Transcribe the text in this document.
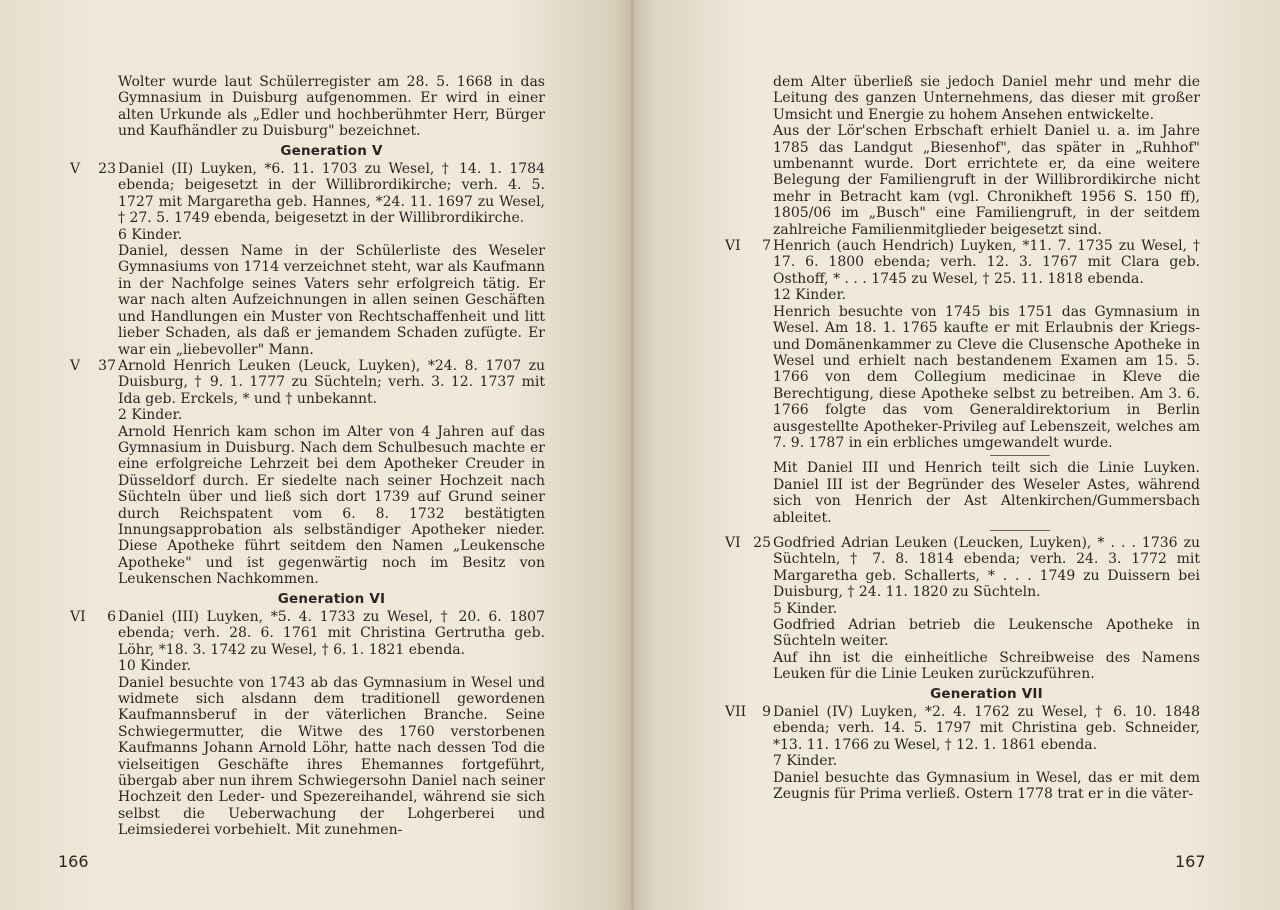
Wolter wurde laut Schülerregister am 28. 5. 1668 in das Gymnasium in Duisburg aufgenommen. Er wird in einer alten Urkunde als „Edler und hochberühmter Herr, Bürger und Kaufhändler zu Duisburg" bezeichnet.

Generation V
V 23 Daniel (II) Luyken, *6. 11. 1703 zu Wesel, † 14. 1. 1784 ebenda; beigesetzt in der Willibrordikirche; verh. 4. 5. 1727 mit Margaretha geb. Hannes, *24. 11. 1697 zu Wesel, † 27. 5. 1749 ebenda, beigesetzt in der Willibrordikirche.

6 Kinder.

Daniel, dessen Name in der Schülerliste des Weseler Gymnasiums von 1714 verzeichnet steht, war als Kaufmann in der Nachfolge seines Vaters sehr erfolgreich tätig. Er war nach alten Aufzeichnungen in allen seinen Geschäften und Handlungen ein Muster von Rechtschaffenheit und litt lieber Schaden, als daß er jemandem Schaden zufügte. Er war ein „liebevoller" Mann.

V 37 Arnold Henrich Leuken (Leuck, Luyken), *24. 8. 1707 zu Duisburg, † 9. 1. 1777 zu Süchteln; verh. 3. 12. 1737 mit Ida geb. Erckels, * und † unbekannt.

2 Kinder.

Arnold Henrich kam schon im Alter von 4 Jahren auf das Gymnasium in Duisburg. Nach dem Schulbesuch machte er eine erfolgreiche Lehrzeit bei dem Apotheker Creuder in Düsseldorf durch. Er siedelte nach seiner Hochzeit nach Süchteln über und ließ sich dort 1739 auf Grund seiner durch Reichspatent vom 6. 8. 1732 bestätigten Innungsapprobation als selbständiger Apotheker nieder. Diese Apotheke führt seitdem den Namen „Leukensche Apotheke" und ist gegenwärtig noch im Besitz von Leukenschen Nachkommen.

Generation VI
VI 6 Daniel (III) Luyken, *5. 4. 1733 zu Wesel, † 20. 6. 1807 ebenda; verh. 28. 6. 1761 mit Christina Gertrutha geb. Löhr, *18. 3. 1742 zu Wesel, † 6. 1. 1821 ebenda.

10 Kinder.

Daniel besuchte von 1743 ab das Gymnasium in Wesel und widmete sich alsdann dem traditionell gewordenen Kaufmannsberuf in der väterlichen Branche. Seine Schwiegermutter, die Witwe des 1760 verstorbenen Kaufmanns Johann Arnold Löhr, hatte nach dessen Tod die vielseitigen Geschäfte ihres Ehemannes fortgeführt, übergab aber nun ihrem Schwiegersohn Daniel nach seiner Hochzeit den Leder- und Spezereihandel, während sie sich selbst die Ueberwachung der Lohgerberei und Leimsiederei vorbehielt. Mit zunehmen-

166

dem Alter überließ sie jedoch Daniel mehr und mehr die Leitung des ganzen Unternehmens, das dieser mit großer Umsicht und Energie zu hohem Ansehen entwickelte.

Aus der Lör'schen Erbschaft erhielt Daniel u. a. im Jahre 1785 das Landgut „Biesenhof", das später in „Ruhhof" umbenannt wurde. Dort errichtete er, da eine weitere Belegung der Familiengruft in der Willibrordikirche nicht mehr in Betracht kam (vgl. Chronikheft 1956 S. 150 ff), 1805/06 im „Busch" eine Familiengruft, in der seitdem zahlreiche Familienmitglieder beigesetzt sind.

VI 7 Henrich (auch Hendrich) Luyken, *11. 7. 1735 zu Wesel, † 17. 6. 1800 ebenda; verh. 12. 3. 1767 mit Clara geb. Osthoff, * . . . 1745 zu Wesel, † 25. 11. 1818 ebenda.

12 Kinder.

Henrich besuchte von 1745 bis 1751 das Gymnasium in Wesel. Am 18. 1. 1765 kaufte er mit Erlaubnis der Kriegs- und Domänenkammer zu Cleve die Clusensche Apotheke in Wesel und erhielt nach bestandenem Examen am 15. 5. 1766 von dem Collegium medicinae in Kleve die Berechtigung, diese Apotheke selbst zu betreiben. Am 3. 6. 1766 folgte das vom Generaldirektorium in Berlin ausgestellte Apotheker-Privileg auf Lebenszeit, welches am 7. 9. 1787 in ein erbliches umgewandelt wurde.

Mit Daniel III und Henrich teilt sich die Linie Luyken. Daniel III ist der Begründer des Weseler Astes, während sich von Henrich der Ast Altenkirchen/Gummersbach ableitet.

VI 25 Godfried Adrian Leuken (Leucken, Luyken), * . . . 1736 zu Süchteln, † 7. 8. 1814 ebenda; verh. 24. 3. 1772 mit Margaretha geb. Schallerts, * . . . 1749 zu Duissern bei Duisburg, † 24. 11. 1820 zu Süchteln.

5 Kinder.

Godfried Adrian betrieb die Leukensche Apotheke in Süchteln weiter.

Auf ihn ist die einheitliche Schreibweise des Namens Leuken für die Linie Leuken zurückzuführen.

Generation VII
VII 9 Daniel (IV) Luyken, *2. 4. 1762 zu Wesel, † 6. 10. 1848 ebenda; verh. 14. 5. 1797 mit Christina geb. Schneider, *13. 11. 1766 zu Wesel, † 12. 1. 1861 ebenda.

7 Kinder.

Daniel besuchte das Gymnasium in Wesel, das er mit dem Zeugnis für Prima verließ. Ostern 1778 trat er in die väter-

167
